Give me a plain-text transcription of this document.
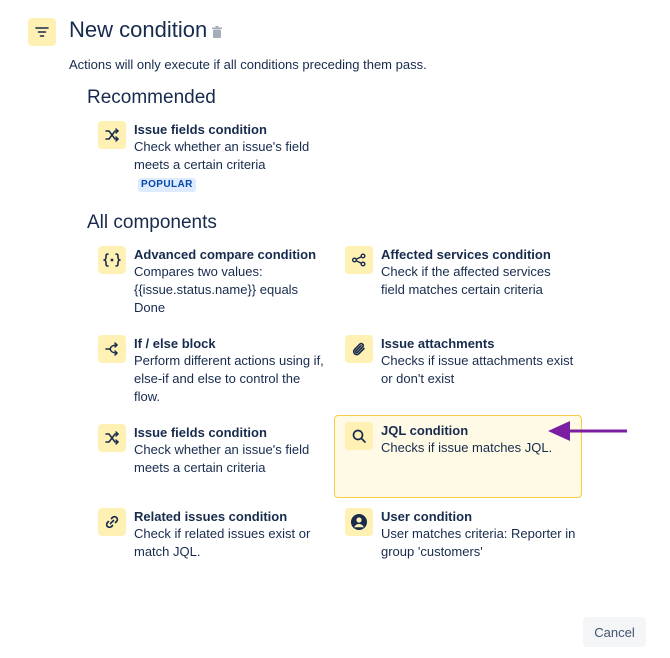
New condition
Actions will only execute if all conditions preceding them pass.
Recommended
Issue fields condition
Check whether an issue's field meets a certain criteria
POPULAR
All components
Advanced compare condition
Compares two values: {{issue.status.name}} equals Done
Affected services condition
Check if the affected services field matches certain criteria
If / else block
Perform different actions using if, else-if and else to control the flow.
Issue attachments
Checks if issue attachments exist or don't exist
Issue fields condition
Check whether an issue's field meets a certain criteria
JQL condition
Checks if issue matches JQL.
Related issues condition
Check if related issues exist or match JQL.
User condition
User matches criteria: Reporter in group 'customers'
Cancel
